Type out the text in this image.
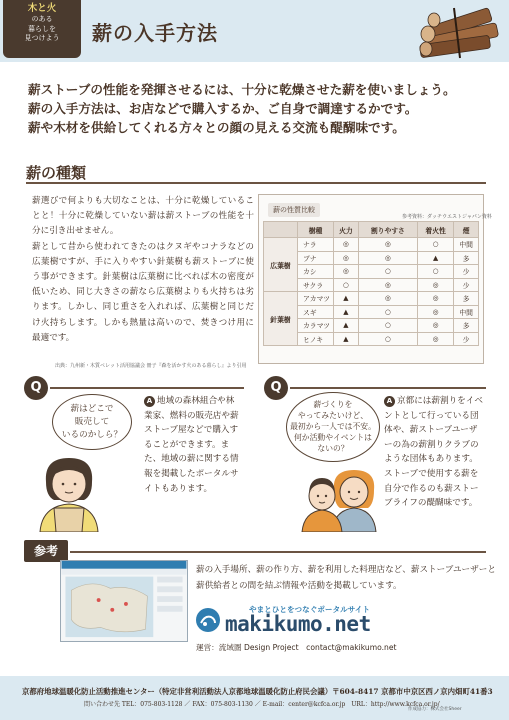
木と火
のある
暮らしを
見つけよう	薪の入手方法
薪ストーブの性能を発揮させるには、十分に乾燥させた薪を使いましょう。
薪の入手方法は、お店などで購入するか、ご自身で調達するかです。
薪や木材を供給してくれる方々との顔の見える交流も醍醐味です。
薪の種類

薪選びで何よりも大切なことは、十分に乾燥していることと！十分に乾燥していない薪は薪ストーブの性能を十分に引き出せません。

薪として昔から使われてきたのはクヌギやコナラなどの広葉樹ですが、手に入りやすい針葉樹も薪ストーブに使う事ができます。針葉樹は広葉樹に比べれば木の密度が低いため、同じ大きさの薪なら広葉樹よりも火持ちは劣ります。しかし、同じ重さを入れれば、広葉樹と同じだけ火持ちします。しかも熱量は高いので、焚きつけ用に最適です。

出典：九州新・木質ペレット活用協議会 冊子『森を活かす火のある暮らし』より引用
薪の性質比較
参考資料：ダッチウエストジャパン資料
	樹種	火力	割りやすさ	着火性	煙
広葉樹	ナラ	◎	◎	○	中間
	ブナ	◎	◎	▲	多
	カシ	◎	○	○	少
	サクラ	○	◎	◎	少
針葉樹	アカマツ	▲	◎	◎	多
	スギ	▲	○	◎	中間
	カラマツ	▲	○	◎	多
	ヒノキ	▲	○	◎	少
Q
薪はどこで
販売して
いるのかしら？
A 地域の森林組合や林業家、燃料の販売店や薪ストーブ屋などで購入することができます。また、地域の薪に関する情報を掲載したポータルサイトもあります。
Q
薪づくりを
やってみたいけど、
最初から一人では不安。
何か活動やイベントは
ないの？
A 京都には薪割りをイベントとして行っている団体や、薪ストーブユーザーの為の薪割りクラブのような団体もあります。ストーブで使用する薪を自分で作るのも薪ストーブライフの醍醐味です。
参考
薪の入手場所、薪の作り方、薪を利用した料理店など、薪ストーブユーザーと薪供給者との間を結ぶ情報や活動を掲載しています。
やまとひとをつなぐポータルサイト
makikumo.net
運営：流域圏 Design Project　contact@makikumo.net
京都府地球温暖化防止活動推進センター（特定非営利活動法人京都地球温暖化防止府民会議）〒604-8417 京都市中京区西ノ京内畑町41番3
問い合わせ先 TEL：075-803-1128 ／ FAX：075-803-1130 ／ E-mail：center@kcfca.or.jp　URL：http://www.kcfca.or.jp/
作成協力：株式会社Sheer
